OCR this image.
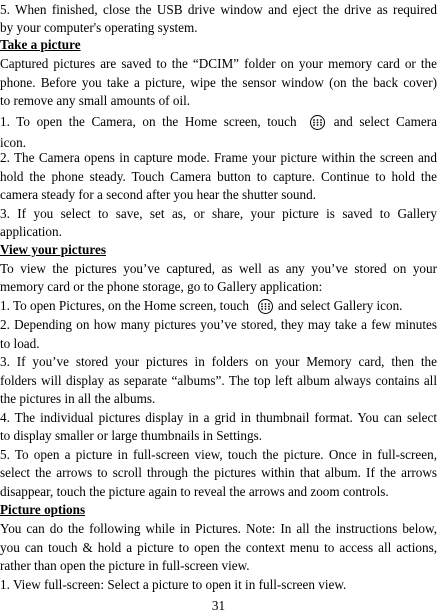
5. When finished, close the USB drive window and eject the drive as required
by your computer's operating system.
Take a picture
Captured pictures are saved to the “DCIM” folder on your memory card or the
phone. Before you take a picture, wipe the sensor window (on the back cover)
to remove any small amounts of oil.
1.  To  open  the  Camera,  on  the  Home  screen,  touch	and  select  Camera
icon.
2. The Camera opens in capture mode. Frame your picture within the screen and
hold the phone steady. Touch Camera button to capture. Continue to hold the
camera steady for a second after you hear the shutter sound.
3. If you select to save, set as, or share, your picture is saved to Gallery
application.
View your pictures
To view the pictures you’ve captured, as well as any you’ve stored on your
memory card or the phone storage, go to Gallery application:
1. To open Pictures, on the Home screen, touch and select Gallery icon.
2. Depending on how many pictures you’ve stored, they may take a few minutes
to load.
3. If you’ve stored your pictures in folders on your Memory card, then the
folders will display as separate “albums”. The top left album always contains all
the pictures in all the albums.
4. The individual pictures display in a grid in thumbnail format. You can select
to display smaller or large thumbnails in Settings.
5. To open a picture in full-screen view, touch the picture. Once in full-screen,
select the arrows to scroll through the pictures within that album. If the arrows
disappear, touch the picture again to reveal the arrows and zoom controls.
Picture options
You can do the following while in Pictures. Note: In all the instructions below,
you can touch & hold a picture to open the context menu to access all actions,
rather than open the picture in full-screen view.
1. View full-screen: Select a picture to open it in full-screen view.
31
